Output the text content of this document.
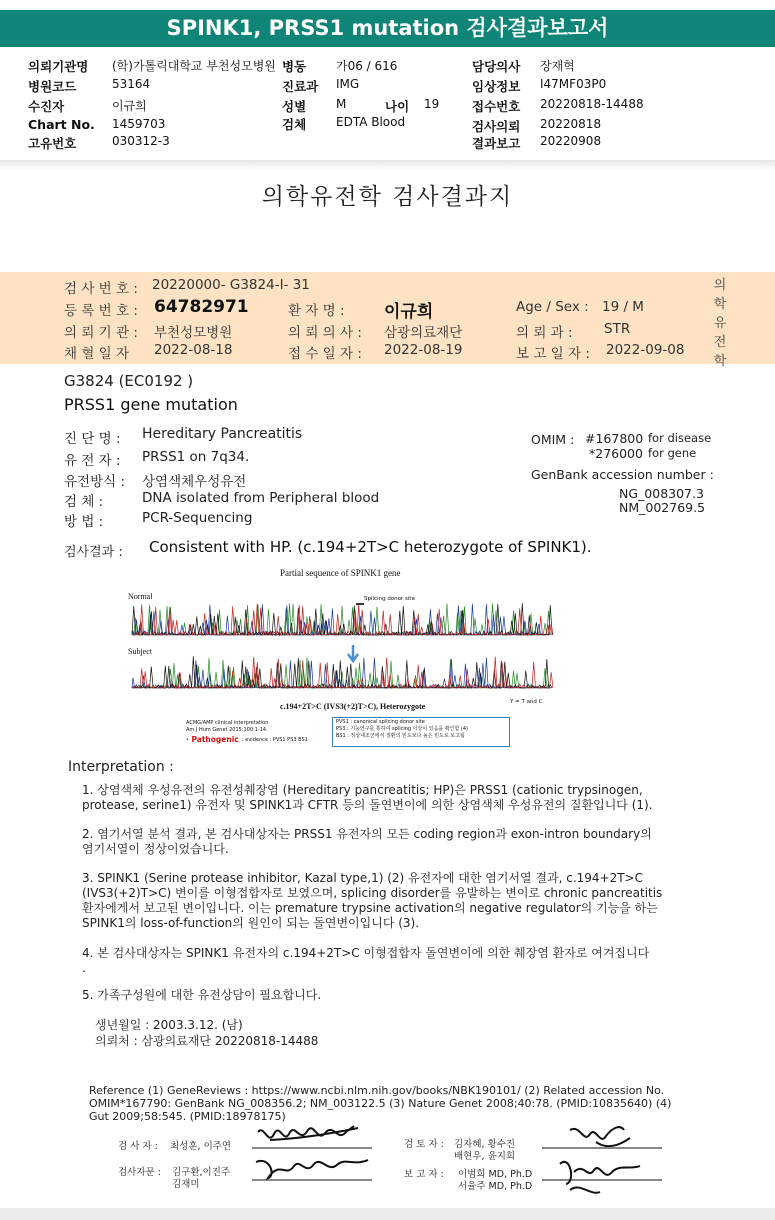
SPINK1, PRSS1 mutation 검사결과보고서
의뢰기관명 (학)가톨릭대학교 부천성모병원 병동 가06 / 616	담당의사 장재혁
병원코드	53164	진료과 IMG	임상정보 I47MF03P0
수진자	이규희	성별 M	나이 19	접수번호 20220818-14488
Chart No. 1459703	검체 EDTA Blood	검사의뢰 20220818
고유번호	030312-3	결과보고 20220908
의학유전학 검사결과지
검 사 번 호 : 20220000- G3824-I- 31
등 록 번 호 : 64782971	환 자 명 : 이규희	Age / Sex : 19 / M
의 뢰 기 관 : 부천성모병원	의 뢰 의 사 : 삼광의료재단	의 뢰 과 : STR
채 혈 일 자 2022-08-18	접 수 일 자 : 2022-08-19	보 고 일 자 : 2022-09-08
의
학
유
전
학
G3824 (EC0192 )
PRSS1 gene mutation
진 단 명 : Hereditary Pancreatitis
유 전 자 : PRSS1 on 7q34.
유전방식 : 상염색체우성유전
검 체 :	DNA isolated from Peripheral blood
방 법 :	PCR-Sequencing
OMIM : #167800 for disease
*276000 for gene
GenBank accession number :
NG_008307.3
NM_002769.5
검사결과 : Consistent with HP. (c.194+2T>C heterozygote of SPINK1).
Partial sequence of SPINK1 gene
Normal	Splicing donor site
Subject
c.194+2T>C (IVS3(+2)T>C), Heterozygote	Y = T and C
ACMG/AMP clinical interpretation
Am J Hum Genet 2015;100:1-14.
· Pathogenic ; evidence : PVS1 PS3 BS1
PVS1 : canonical splicing donor site
PS3 : 기능연구를 통하여 splicing 이상이 있음을 확인함 (4)
BS1 : 정상대조군에서 질환의 빈도보다 높은 빈도로 보고됨
Interpretation :
1. 상염색체 우성유전의 유전성췌장염 (Hereditary pancreatitis; HP)은 PRSS1 (cationic trypsinogen,
protease, serine1) 유전자 및 SPINK1과 CFTR 등의 돌연변이에 의한 상염색체 우성유전의 질환입니다 (1).
2. 염기서열 분석 결과, 본 검사대상자는 PRSS1 유전자의 모든 coding region과 exon-intron boundary의
염기서열이 정상이었습니다.
3. SPINK1 (Serine protease inhibitor, Kazal type,1) (2) 유전자에 대한 염기서열 결과, c.194+2T>C
(IVS3(+2)T>C) 변이를 이형접합자로 보였으며, splicing disorder를 유발하는 변이로 chronic pancreatitis
환자에게서 보고된 변이입니다. 이는 premature trypsine activation의 negative regulator의 기능을 하는
SPINK1의 loss-of-function의 원인이 되는 돌연변이입니다 (3).
4. 본 검사대상자는 SPINK1 유전자의 c.194+2T>C 이형접합자 돌연변이에 의한 췌장염 환자로 여겨집니다
.
5. 가족구성원에 대한 유전상담이 필요합니다.
생년월일 : 2003.3.12. (남)
의뢰처 : 삼광의료재단 20220818-14488
Reference (1) GeneReviews : https://www.ncbi.nlm.nih.gov/books/NBK190101/ (2) Related accession No.
OMIM*167790: GenBank NG_008356.2; NM_003122.5 (3) Nature Genet 2008;40:78. (PMID:10835640) (4)
Gut 2009;58:545. (PMID:18978175)
검 사 자 : 최성훈, 이주연	검 토 자 : 김자혜, 황수진
배현우, 윤지희
검사자문 : 김구환,이진주
김재미
보 고 자 : 이범희 MD, Ph.D
서율주 MD, Ph.D
